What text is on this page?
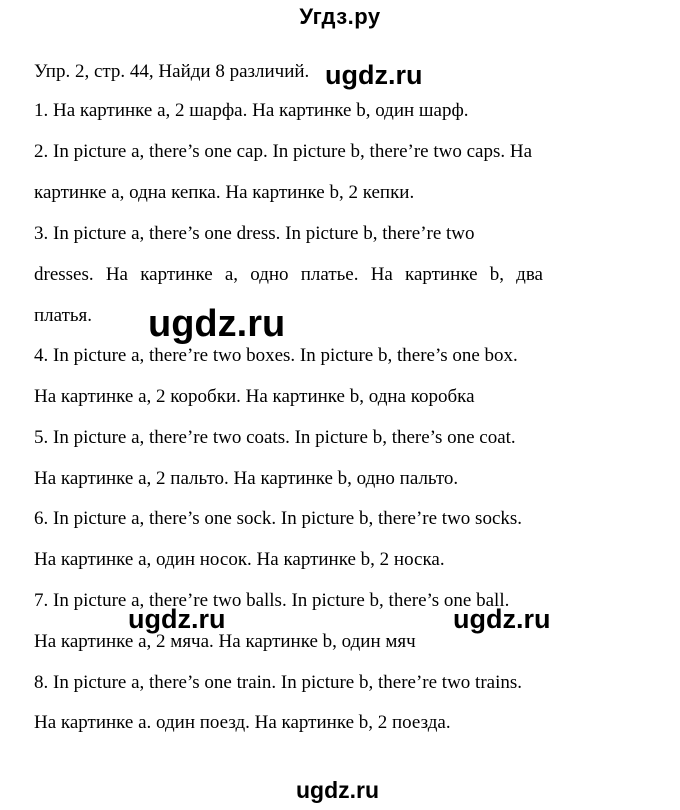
Угдз.ру
Упр. 2, стр. 44, Найди 8 различий.
1. На картинке а, 2 шарфа. На картинке b, один шарф.
2. In picture a, there’s one cap. In picture b, there’re two caps. На
картинке а, одна кепка. На картинке b, 2 кепки.
3. In picture a, there’s one dress. In picture b, there’re two
dresses. На картинке а, одно платье. На картинке b, два
платья.
4. In picture a, there’re two boxes. In picture b, there’s one box.
На картинке а, 2 коробки. На картинке b, одна коробка
5. In picture a, there’re two coats. In picture b, there’s one coat.
На картинке а, 2 пальто. На картинке b, одно пальто.
6. In picture a, there’s one sock. In picture b, there’re two socks.
На картинке а, один носок. На картинке b, 2 носка.
7. In picture a, there’re two balls. In picture b, there’s one ball.
На картинке а, 2 мяча. На картинке b, один мяч
8. In picture a, there’s one train. In picture b, there’re two trains.
На картинке а. один поезд. На картинке b, 2 поезда.
ugdz.ru
ugdz.ru
ugdz.ru	ugdz.ru
ugdz.ru
